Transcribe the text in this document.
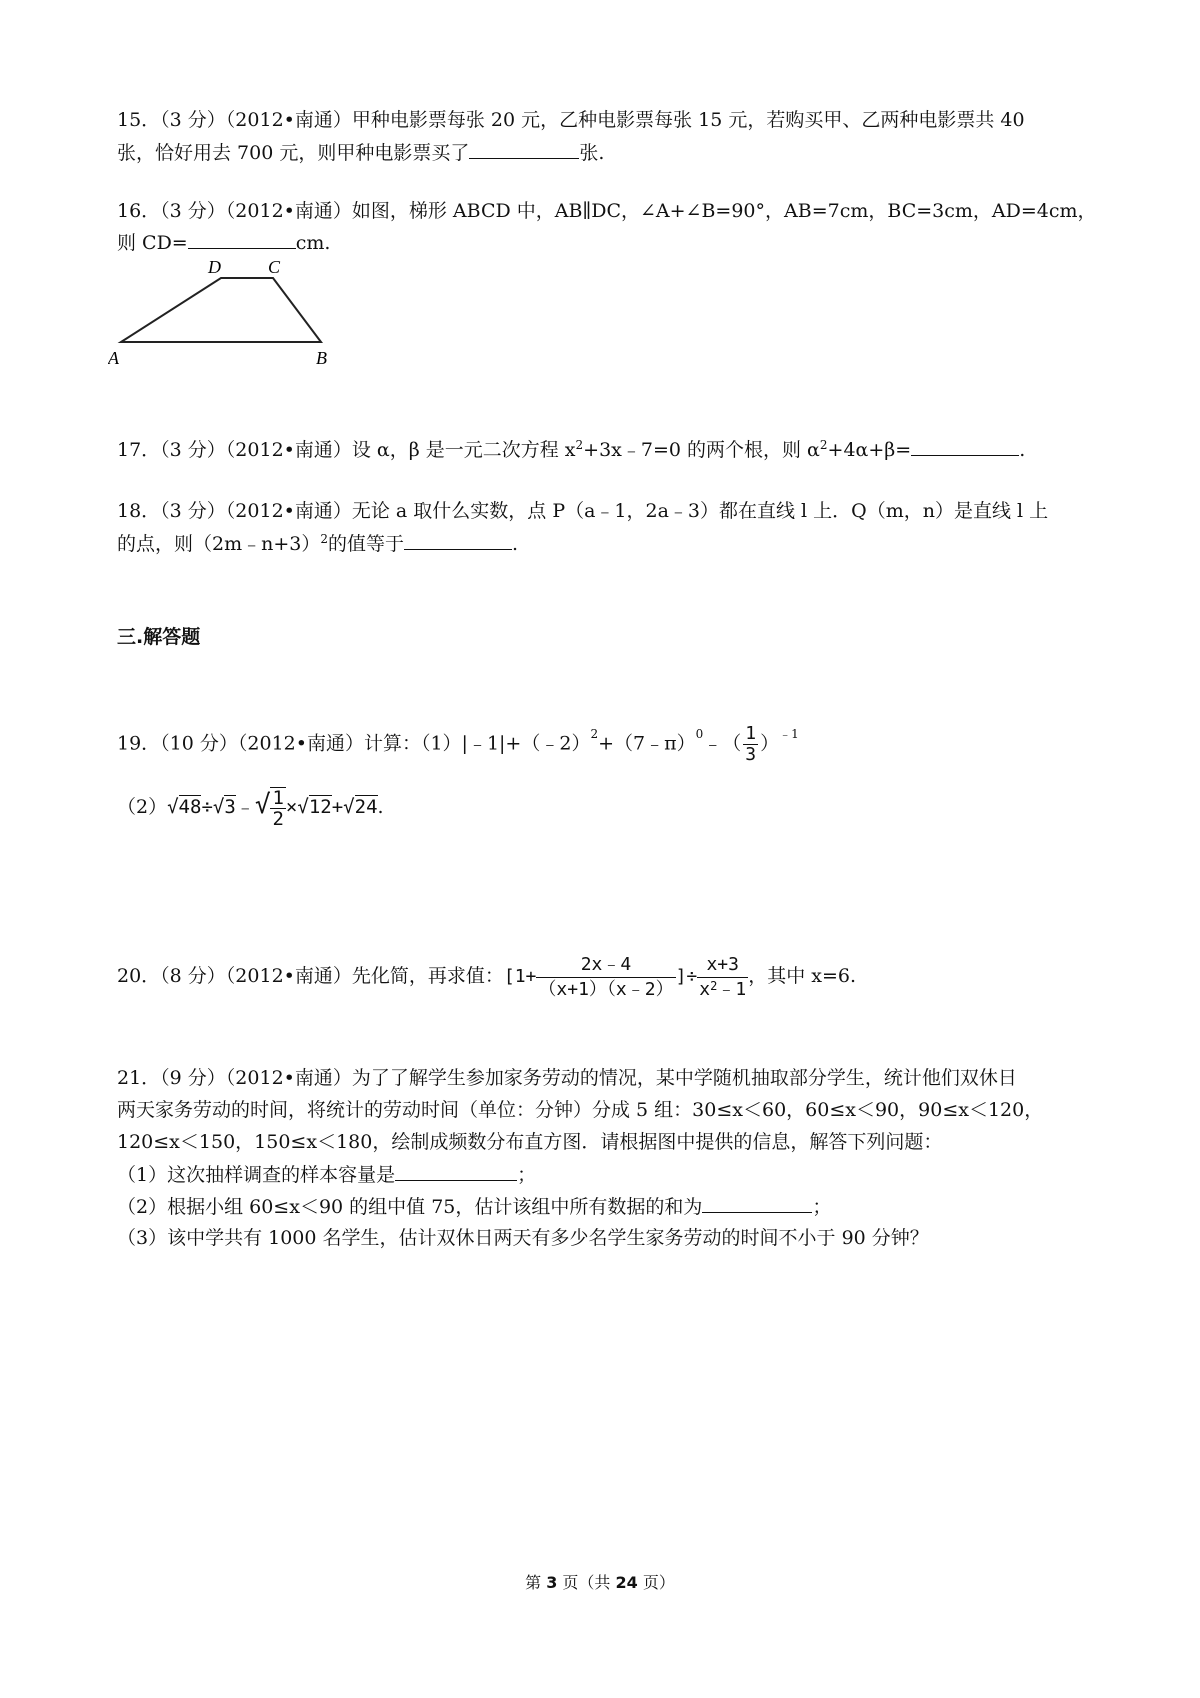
15．（3 分）（2012•南通）甲种电影票每张 20 元，乙种电影票每张 15 元，若购买甲、乙两种电影票共 40
张，恰好用去 700 元，则甲种电影票买了	张.
16．（3 分）（2012•南通）如图，梯形 ABCD 中，AB∥DC，∠A+∠B=90°，AB=7cm，BC=3cm，AD=4cm，
则 CD=	cm.
D	C
A	B
17．（3 分）（2012•南通）设 α，β 是一元二次方程 $x^2+3x﹣7=0$ 的两个根，则 $\alpha^2+4\alpha+\beta=$	.
18．（3 分）（2012•南通）无论 a 取什么实数，点 P（a﹣1，2a﹣3）都在直线 l 上．Q（m，n）是直线 l 上
的点，则（2m﹣n+3）$^2$的值等于	.
三.解答题
19．（10 分）（2012•南通）计算：（1）|﹣1|+（﹣2）$^2$+（7﹣π）$^0$﹣（ $\frac{1}{3} )^{﹣1}$
（2）√48÷√3﹣√ $\frac{1}{2} \times√12+√24$.
20．（8 分）（2012•南通）先化简，再求值：[$1+ \frac{2x﹣4}{(x+1)(x﹣2)}$ ]÷ $\frac{x+3}{x^2﹣1}$ ，其中 x=6.
21．（9 分）（2012•南通）为了了解学生参加家务劳动的情况，某中学随机抽取部分学生，统计他们双休日
两天家务劳动的时间，将统计的劳动时间（单位：分钟）分成 5 组：30≤x＜60，60≤x＜90，90≤x＜120，
120≤x＜150，150≤x＜180，绘制成频数分布直方图．请根据图中提供的信息，解答下列问题：
（1）这次抽样调查的样本容量是	；
（2）根据小组 60≤x＜90 的组中值 75，估计该组中所有数据的和为	；
（3）该中学共有 1000 名学生，估计双休日两天有多少名学生家务劳动的时间不小于 90 分钟？
第 3 页（共 24 页）
